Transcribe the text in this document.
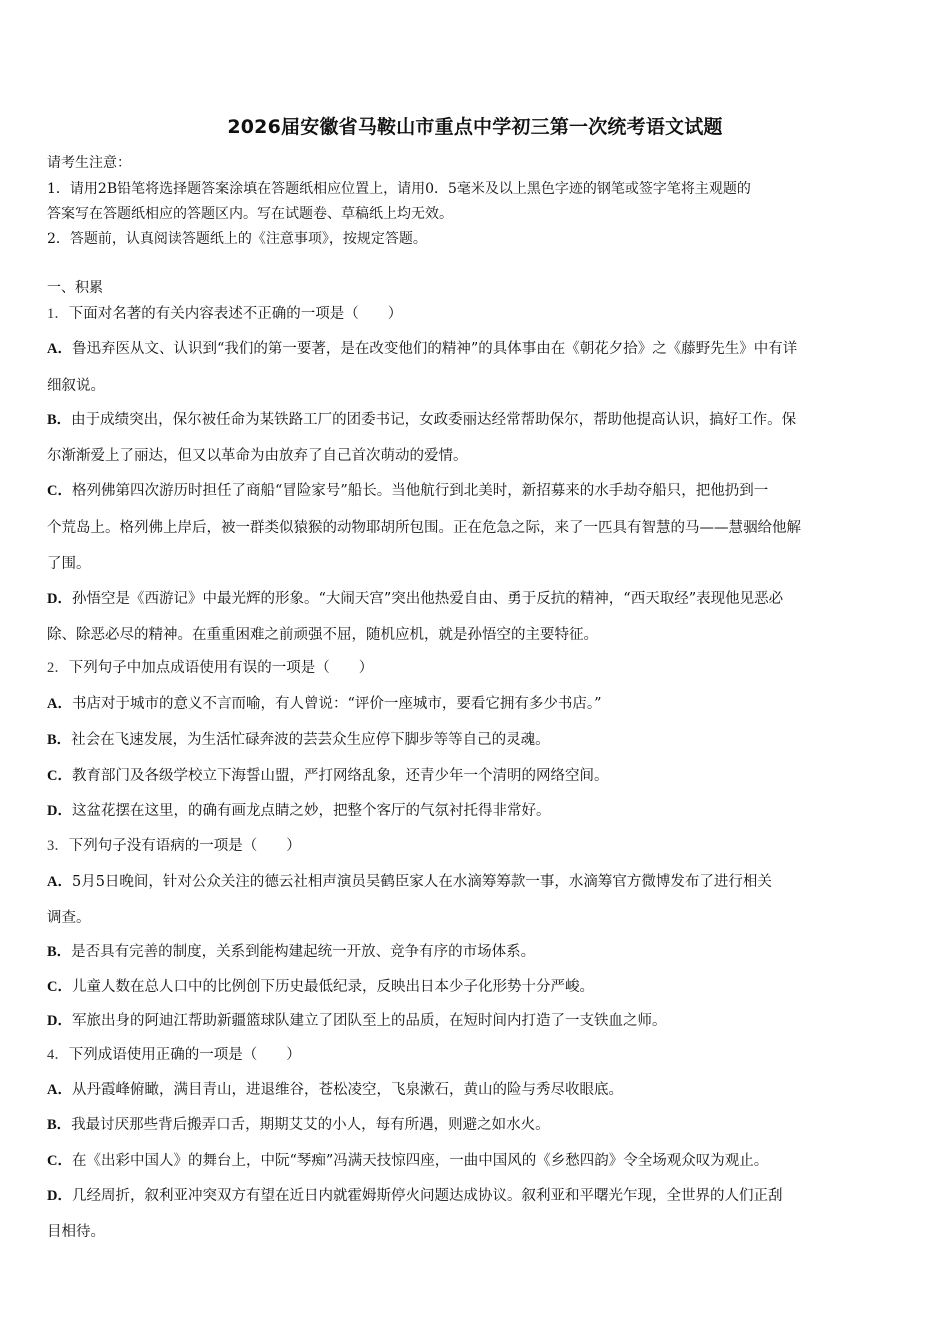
2026届安徽省马鞍山市重点中学初三第一次统考语文试题
请考生注意：
1．请用2B铅笔将选择题答案涂填在答题纸相应位置上，请用0．5毫米及以上黑色字迹的钢笔或签字笔将主观题的
答案写在答题纸相应的答题区内。写在试题卷、草稿纸上均无效。
2．答题前，认真阅读答题纸上的《注意事项》，按规定答题。
一、积累
1．下面对名著的有关内容表述不正确的一项是（　　）
A．鲁迅弃医从文、认识到“我们的第一要著，是在改变他们的精神”的具体事由在《朝花夕拾》之《藤野先生》中有详
细叙说。
B．由于成绩突出，保尔被任命为某铁路工厂的团委书记，女政委丽达经常帮助保尔，帮助他提高认识，搞好工作。保
尔渐渐爱上了丽达，但又以革命为由放弃了自己首次萌动的爱情。
C．格列佛第四次游历时担任了商船“冒险家号”船长。当他航行到北美时，新招募来的水手劫夺船只，把他扔到一
个荒岛上。格列佛上岸后，被一群类似猿猴的动物耶胡所包围。正在危急之际，来了一匹具有智慧的马——慧骃给他解
了围。
D．孙悟空是《西游记》中最光辉的形象。“大闹天宫”突出他热爱自由、勇于反抗的精神，“西天取经”表现他见恶必
除、除恶必尽的精神。在重重困难之前顽强不屈，随机应机，就是孙悟空的主要特征。
2．下列句子中加点成语使用有误的一项是（　　）
A．书店对于城市的意义不言而喻，有人曾说：“评价一座城市，要看它拥有多少书店。”
B．社会在飞速发展，为生活忙碌奔波的芸芸众生应停下脚步等等自己的灵魂。
C．教育部门及各级学校立下海誓山盟，严打网络乱象，还青少年一个清明的网络空间。
D．这盆花摆在这里，的确有画龙点睛之妙，把整个客厅的气氛衬托得非常好。
3．下列句子没有语病的一项是（　　）
A．5月5日晚间，针对公众关注的德云社相声演员吴鹤臣家人在水滴筹筹款一事，水滴筹官方微博发布了进行相关
调查。
B．是否具有完善的制度，关系到能构建起统一开放、竞争有序的市场体系。
C．儿童人数在总人口中的比例创下历史最低纪录，反映出日本少子化形势十分严峻。
D．军旅出身的阿迪江帮助新疆篮球队建立了团队至上的品质，在短时间内打造了一支铁血之师。
4．下列成语使用正确的一项是（　　）
A．从丹霞峰俯瞰，满目青山，进退维谷，苍松凌空，飞泉漱石，黄山的险与秀尽收眼底。
B．我最讨厌那些背后搬弄口舌，期期艾艾的小人，每有所遇，则避之如水火。
C．在《出彩中国人》的舞台上，中阮“琴痴”冯满天技惊四座，一曲中国风的《乡愁四韵》令全场观众叹为观止。
D．几经周折，叙利亚冲突双方有望在近日内就霍姆斯停火问题达成协议。叙利亚和平曙光乍现，全世界的人们正刮
目相待。
